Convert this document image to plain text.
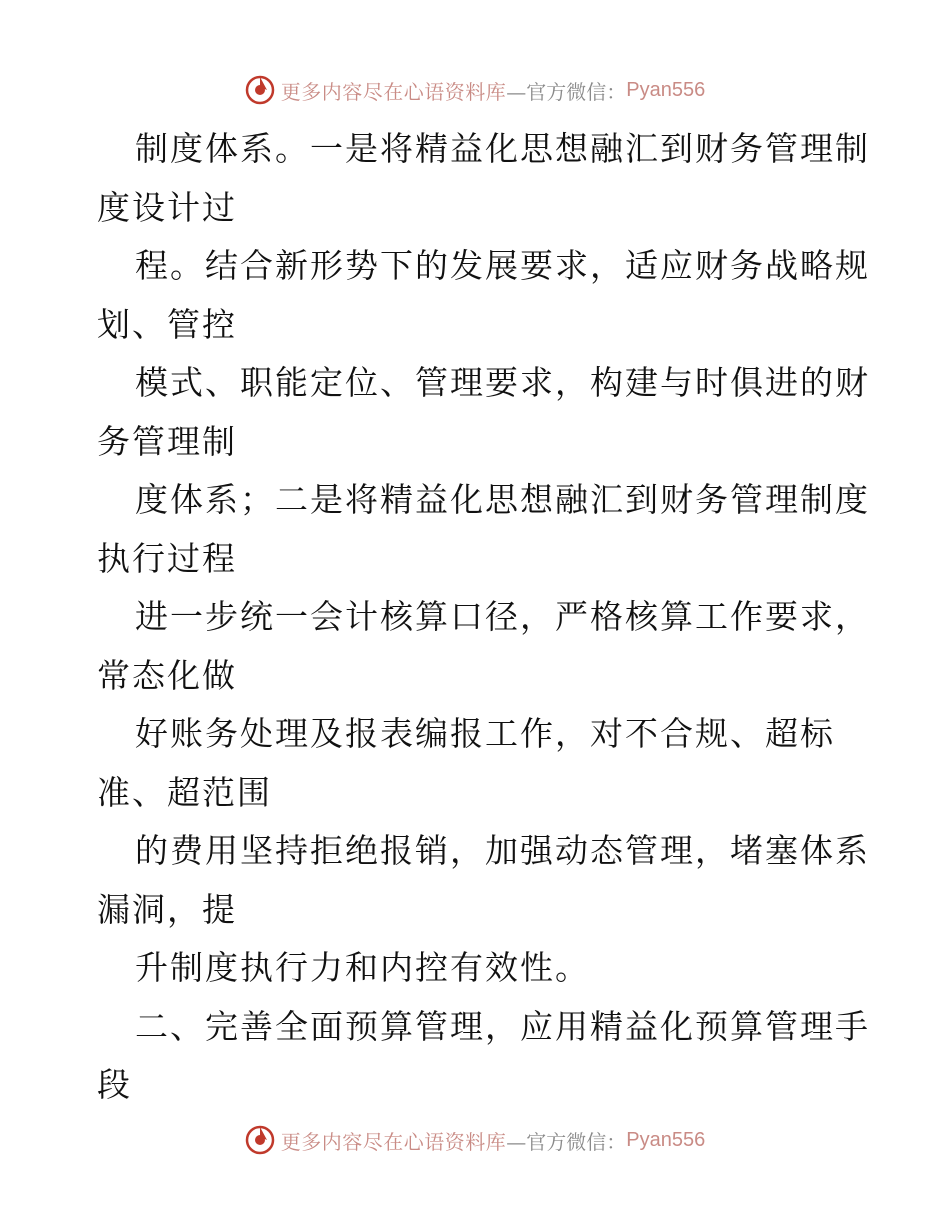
更多内容尽在心语资料库 —官方微信： Pyan556
制度体系。一是将精益化思想融汇到财务管理制
度设计过
程。结合新形势下的发展要求，适应财务战略规
划、管控
模式、职能定位、管理要求，构建与时俱进的财
务管理制
度体系；二是将精益化思想融汇到财务管理制度
执行过程
进一步统一会计核算口径，严格核算工作要求，
常态化做
好账务处理及报表编报工作，对不合规、超标
准、超范围
的费用坚持拒绝报销，加强动态管理，堵塞体系
漏洞，提
升制度执行力和内控有效性。
二、完善全面预算管理，应用精益化预算管理手
段
更多内容尽在心语资料库 —官方微信： Pyan556
